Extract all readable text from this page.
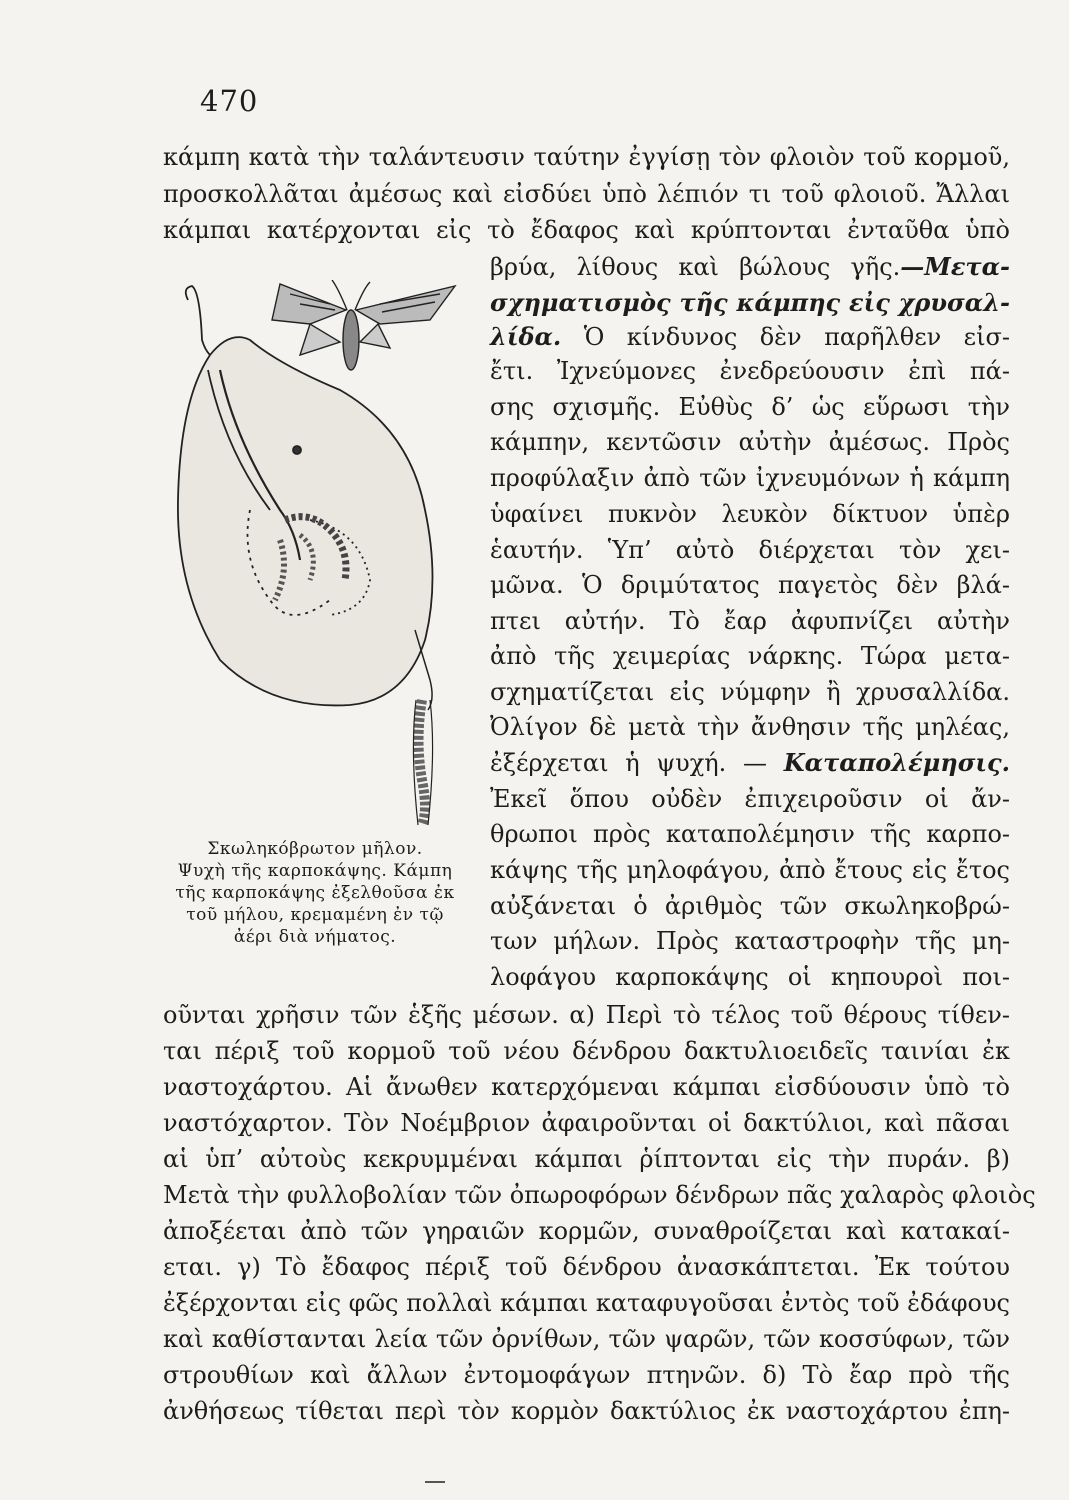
470
κάμπη κατὰ τὴν ταλάντευσιν ταύτην ἐγγίσῃ τὸν φλοιὸν τοῦ κορμοῦ,
προσκολλᾶται ἀμέσως καὶ εἰσδύει ὑπὸ λέπιόν τι τοῦ φλοιοῦ. Ἄλλαι
κάμπαι κατέρχονται εἰς τὸ ἔδαφος καὶ κρύπτονται ἐνταῦθα ὑπὸ
βρύα, λίθους καὶ βώλους γῆς.—Μετα-
σχηματισμὸς τῆς κάμπης εἰς χρυσαλ-
λίδα. Ὁ κίνδυνος δὲν παρῆλθεν εἰσ-
ἔτι. Ἰχνεύμονες ἐνεδρεύουσιν ἐπὶ πά-
σης σχισμῆς. Εὐθὺς δ’ ὡς εὕρωσι τὴν
κάμπην, κεντῶσιν αὐτὴν ἀμέσως. Πρὸς
προφύλαξιν ἀπὸ τῶν ἰχνευμόνων ἡ κάμπη
ὑφαίνει πυκνὸν λευκὸν δίκτυον ὑπὲρ
ἑαυτήν. Ὑπ’ αὐτὸ διέρχεται τὸν χει-
μῶνα. Ὁ δριμύτατος παγετὸς δὲν βλά-
πτει αὐτήν. Τὸ ἔαρ ἀφυπνίζει αὐτὴν
ἀπὸ τῆς χειμερίας νάρκης. Τώρα μετα-
σχηματίζεται εἰς νύμφην ἢ χρυσαλλίδα.
Ὀλίγον δὲ μετὰ τὴν ἄνθησιν τῆς μηλέας,
ἐξέρχεται ἡ ψυχή. — Καταπολέμησις.
Ἐκεῖ ὅπου οὐδὲν ἐπιχειροῦσιν οἱ ἄν-
θρωποι πρὸς καταπολέμησιν τῆς καρπο-
κάψης τῆς μηλοφάγου, ἀπὸ ἔτους εἰς ἔτος
αὐξάνεται ὁ ἀριθμὸς τῶν σκωληκοβρώ-
των μήλων. Πρὸς καταστροφὴν τῆς μη-
λοφάγου καρποκάψης οἱ κηπουροὶ ποι-
Σκωληκόβρωτον μῆλον.
Ψυχὴ τῆς καρποκάψης. Κάμπη
τῆς καρποκάψης ἐξελθοῦσα ἐκ
τοῦ μήλου, κρεμαμένη ἐν τῷ
ἀέρι διὰ νήματος.
οῦνται χρῆσιν τῶν ἑξῆς μέσων. α) Περὶ τὸ τέλος τοῦ θέρους τίθεν-
ται πέριξ τοῦ κορμοῦ τοῦ νέου δένδρου δακτυλιοειδεῖς ταινίαι ἐκ
ναστοχάρτου. Αἱ ἄνωθεν κατερχόμεναι κάμπαι εἰσδύουσιν ὑπὸ τὸ
ναστόχαρτον. Τὸν Νοέμβριον ἀφαιροῦνται οἱ δακτύλιοι, καὶ πᾶσαι
αἱ ὑπ’ αὐτοὺς κεκρυμμέναι κάμπαι ῥίπτονται εἰς τὴν πυράν. β)
Μετὰ τὴν φυλλοβολίαν τῶν ὀπωροφόρων δένδρων πᾶς χαλαρὸς φλοιὸς
ἀποξέεται ἀπὸ τῶν γηραιῶν κορμῶν, συναθροίζεται καὶ κατακαί-
εται. γ) Τὸ ἔδαφος πέριξ τοῦ δένδρου ἀνασκάπτεται. Ἐκ τούτου
ἐξέρχονται εἰς φῶς πολλαὶ κάμπαι καταφυγοῦσαι ἐντὸς τοῦ ἐδάφους
καὶ καθίστανται λεία τῶν ὀρνίθων, τῶν ψαρῶν, τῶν κοσσύφων, τῶν
στρουθίων καὶ ἄλλων ἐντομοφάγων πτηνῶν. δ) Τὸ ἔαρ πρὸ τῆς
ἀνθήσεως τίθεται περὶ τὸν κορμὸν δακτύλιος ἐκ ναστοχάρτου ἐπη-
